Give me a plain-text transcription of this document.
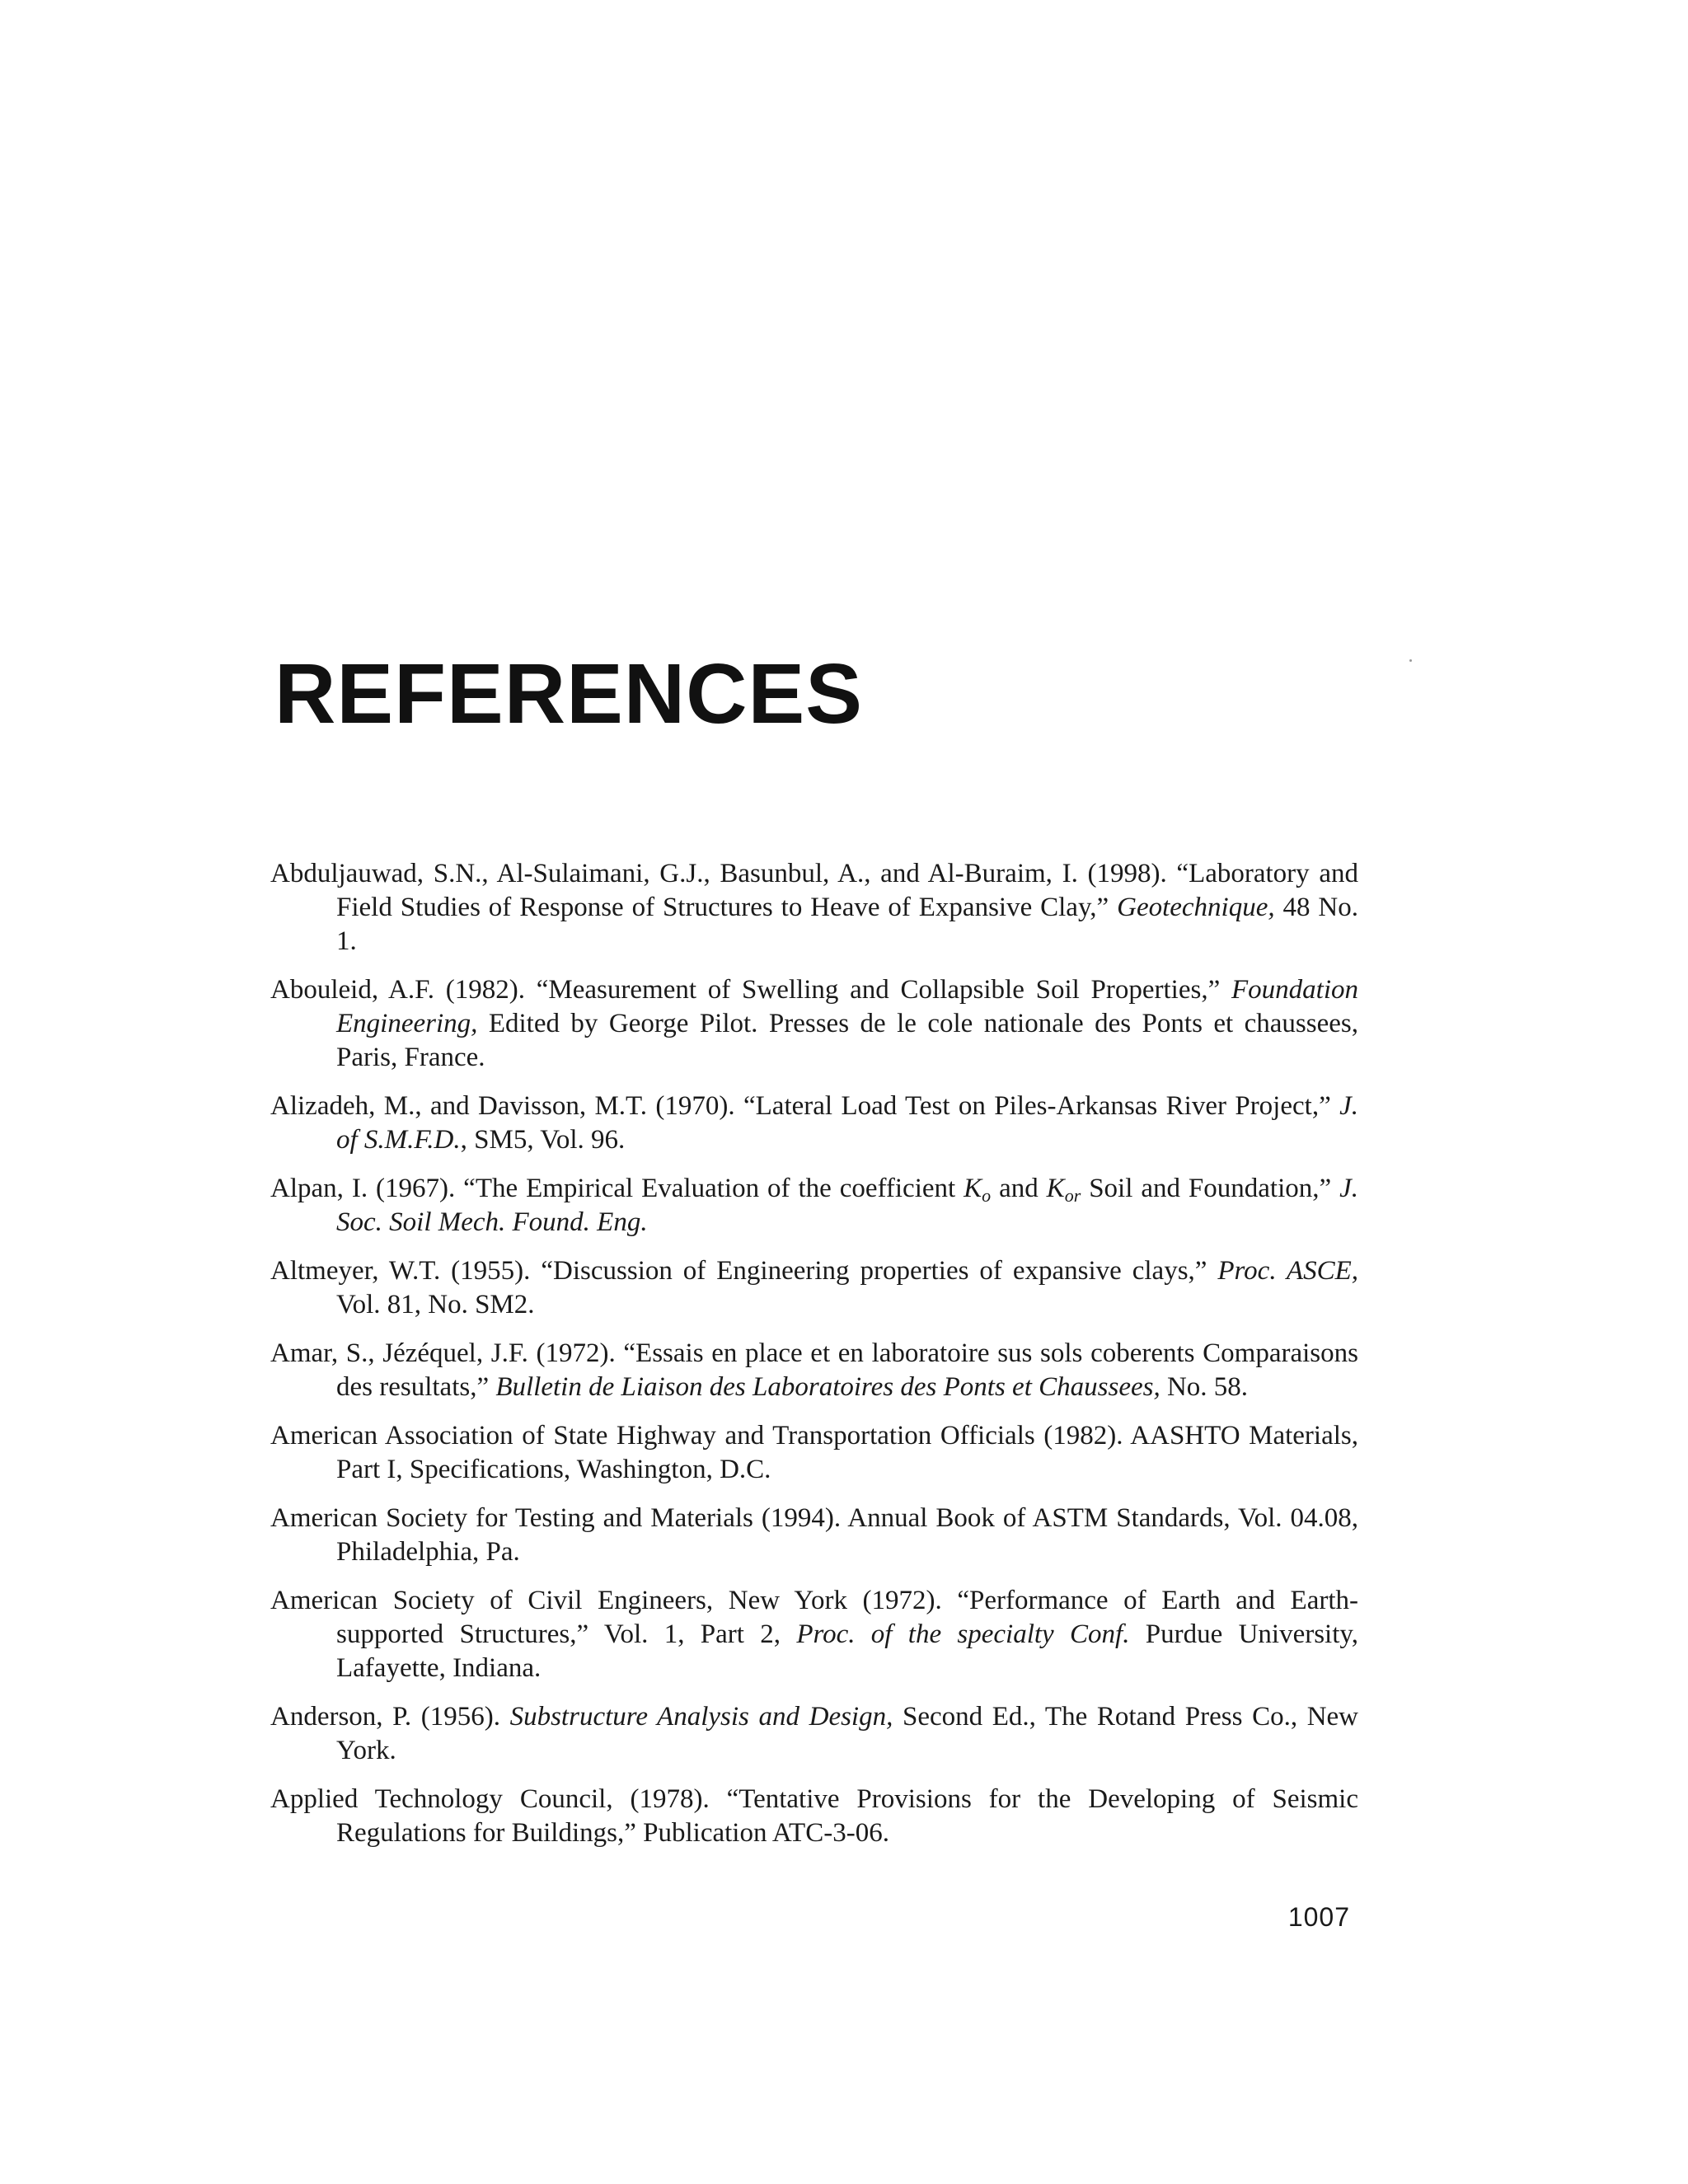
REFERENCES
Abduljauwad, S.N., Al-Sulaimani, G.J., Basunbul, A., and Al-Buraim, I. (1998). “Laboratory and Field Studies of Response of Structures to Heave of Expansive Clay,” Geotechnique, 48 No. 1.
Abouleid, A.F. (1982). “Measurement of Swelling and Collapsible Soil Properties,” Foundation Engineering, Edited by George Pilot. Presses de le cole nationale des Ponts et chaussees, Paris, France.
Alizadeh, M., and Davisson, M.T. (1970). “Lateral Load Test on Piles-Arkansas River Project,” J. of S.M.F.D., SM5, Vol. 96.
Alpan, I. (1967). “The Empirical Evaluation of the coefficient $K_o$ and $K_{or}$ Soil and Foundation,” J. Soc. Soil Mech. Found. Eng.
Altmeyer, W.T. (1955). “Discussion of Engineering properties of expansive clays,” Proc. ASCE, Vol. 81, No. SM2.
Amar, S., Jézéquel, J.F. (1972). “Essais en place et en laboratoire sus sols coberents Comparaisons des resultats,” Bulletin de Liaison des Laboratoires des Ponts et Chaussees, No. 58.
American Association of State Highway and Transportation Officials (1982). AASHTO Materials, Part I, Specifications, Washington, D.C.
American Society for Testing and Materials (1994). Annual Book of ASTM Standards, Vol. 04.08, Philadelphia, Pa.
American Society of Civil Engineers, New York (1972). “Performance of Earth and Earth-supported Structures,” Vol. 1, Part 2, Proc. of the specialty Conf. Purdue University, Lafayette, Indiana.
Anderson, P. (1956). Substructure Analysis and Design, Second Ed., The Rotand Press Co., New York.
Applied Technology Council, (1978). “Tentative Provisions for the Developing of Seismic Regulations for Buildings,” Publication ATC-3-06.
1007
